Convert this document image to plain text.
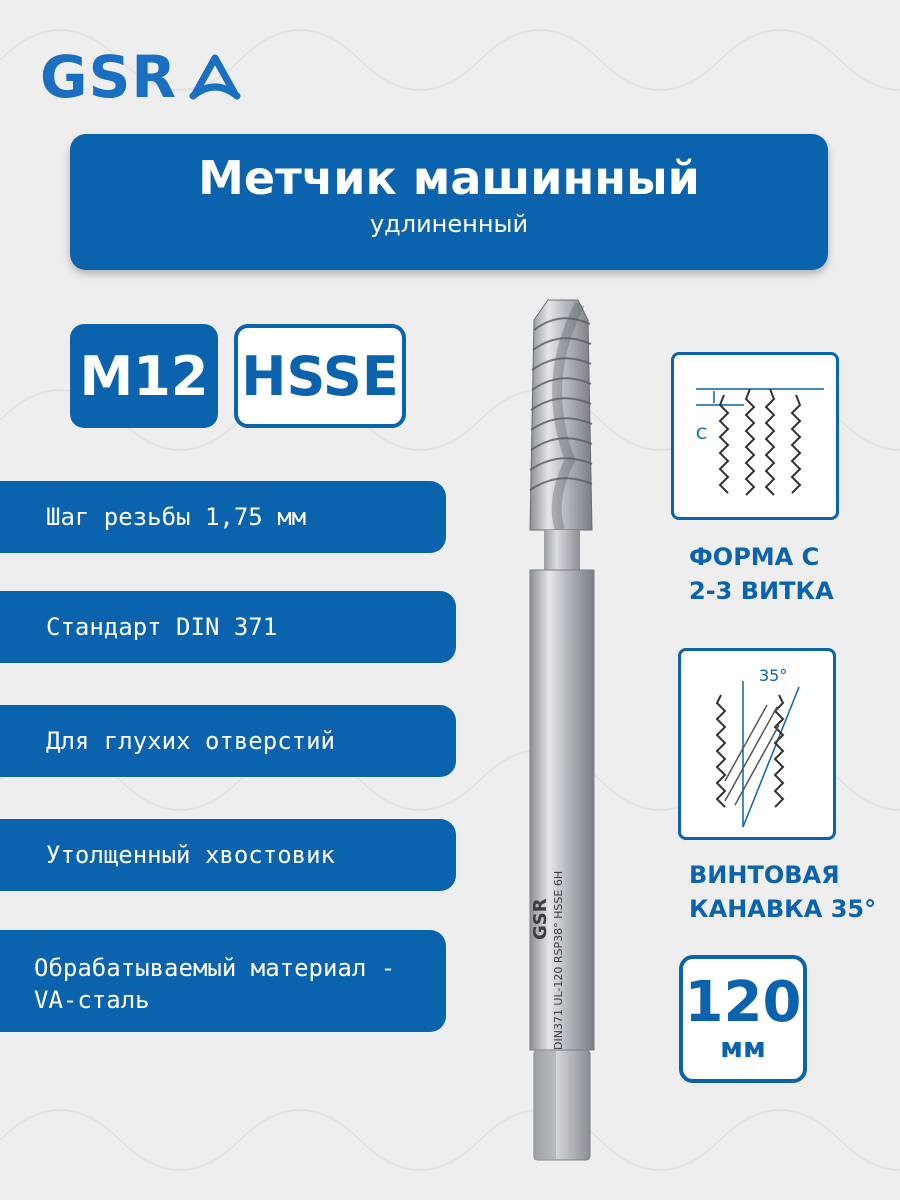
GSR
Метчик машинный
удлиненный
M12 HSSE
Шаг резьбы 1,75 мм
Стандарт DIN 371
Для глухих отверстий
Утолщенный хвостовик
Обрабатываемый материал -
VA-сталь
GSR DIN371 UL-120 RSP38° HSSE 6H
C
ФОРМА С
2-3 ВИТКА
35°
ВИНТОВАЯ
КАНАВКА 35°
120
мм
